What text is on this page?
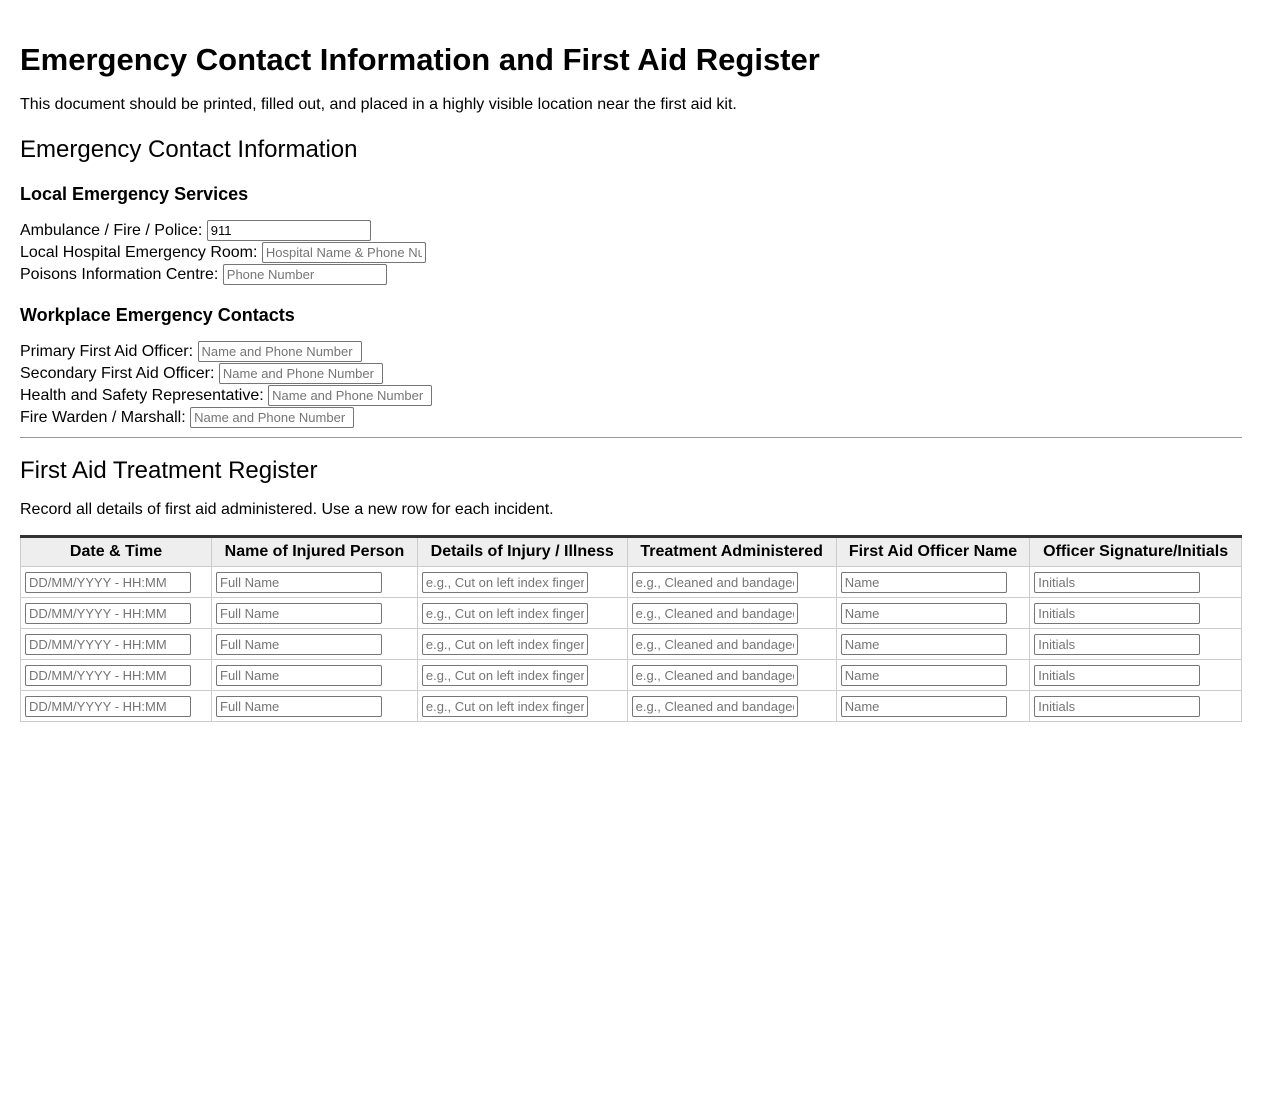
Emergency Contact Information and First Aid Register

This document should be printed, filled out, and placed in a highly visible location near the first aid kit.

Emergency Contact Information
Local Emergency Services
Ambulance / Fire / Police: 911
Local Hospital Emergency Room: Hospital Name & Phone Number
Poisons Information Centre: Phone Number
Workplace Emergency Contacts
Primary First Aid Officer: Name and Phone Number
Secondary First Aid Officer: Name and Phone Number
Health and Safety Representative: Name and Phone Number
Fire Warden / Marshall: Name and Phone Number
First Aid Treatment Register

Record all details of first aid administered. Use a new row for each incident.

Date & Time	Name of Injured Person	Details of Injury / Illness	Treatment Administered	First Aid Officer Name	Officer Signature/Initials
DD/MM/YYYY - HH:MM	Full Name	e.g., Cut on left index finger	e.g., Cleaned and bandaged	Name	Initials
DD/MM/YYYY - HH:MM	Full Name	e.g., Cut on left index finger	e.g., Cleaned and bandaged	Name	Initials
DD/MM/YYYY - HH:MM	Full Name	e.g., Cut on left index finger	e.g., Cleaned and bandaged	Name	Initials
DD/MM/YYYY - HH:MM	Full Name	e.g., Cut on left index finger	e.g., Cleaned and bandaged	Name	Initials
DD/MM/YYYY - HH:MM	Full Name	e.g., Cut on left index finger	e.g., Cleaned and bandaged	Name	Initials
